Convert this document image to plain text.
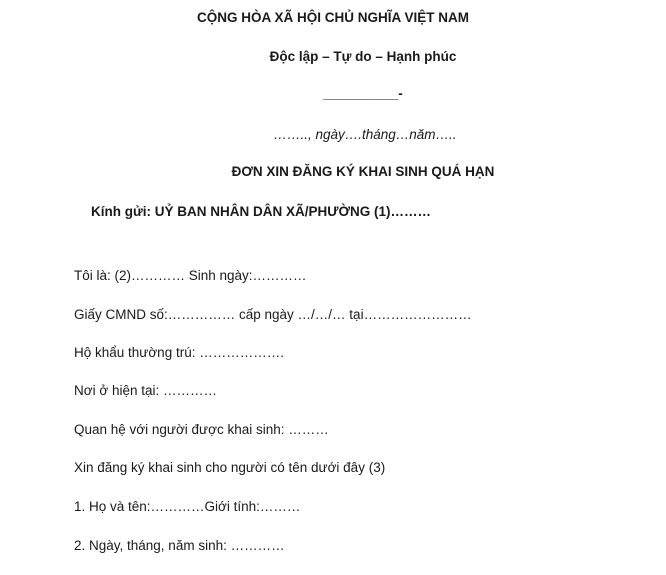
CỘNG HÒA XÃ HỘI CHỦ NGHĨA VIỆT NAM
Độc lập – Tự do – Hạnh phúc
__________-
…….., ngày….tháng…năm…..
ĐƠN XIN ĐĂNG KÝ KHAI SINH QUÁ HẠN
Kính gửi: UỶ BAN NHÂN DÂN XÃ/PHƯỜNG (1)………
Tôi là: (2)………… Sinh ngày:…………
Giấy CMND số:…………… cấp ngày …/…/… tại……………………
Hộ khẩu thường trú: ……………….
Nơi ở hiện tại: …………
Quan hệ với người được khai sinh: ………
Xin đăng ký khai sinh cho người có tên dưới đây (3)
1. Họ và tên:…………Giới tính:………
2. Ngày, tháng, năm sinh: …………
